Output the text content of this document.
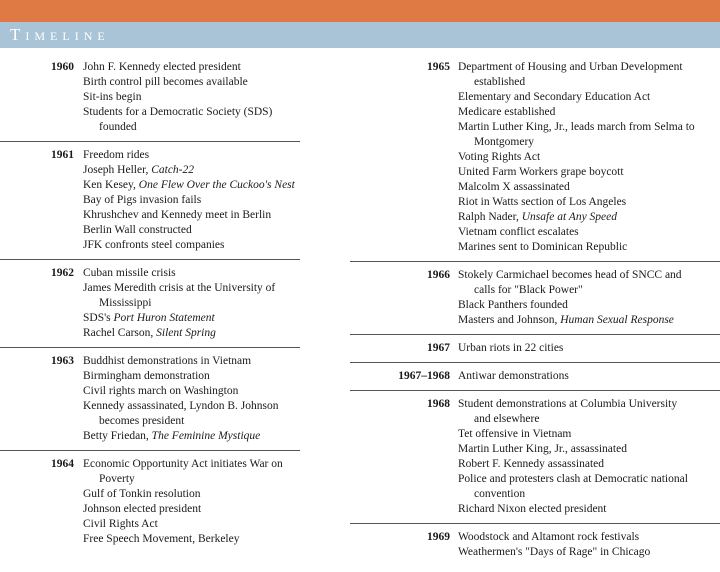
Timeline
1960 John F. Kennedy elected president
Birth control pill becomes available
Sit-ins begin
Students for a Democratic Society (SDS)
founded
1961 Freedom rides
Joseph Heller, Catch-22
Ken Kesey, One Flew Over the Cuckoo's Nest
Bay of Pigs invasion fails
Khrushchev and Kennedy meet in Berlin
Berlin Wall constructed
JFK confronts steel companies
1962 Cuban missile crisis
James Meredith crisis at the University of
Mississippi
SDS's Port Huron Statement
Rachel Carson, Silent Spring
1963 Buddhist demonstrations in Vietnam
Birmingham demonstration
Civil rights march on Washington
Kennedy assassinated, Lyndon B. Johnson
becomes president
Betty Friedan, The Feminine Mystique
1964 Economic Opportunity Act initiates War on
Poverty
Gulf of Tonkin resolution
Johnson elected president
Civil Rights Act
Free Speech Movement, Berkeley
1965 Department of Housing and Urban Development
established
Elementary and Secondary Education Act
Medicare established
Martin Luther King, Jr., leads march from Selma to
Montgomery
Voting Rights Act
United Farm Workers grape boycott
Malcolm X assassinated
Riot in Watts section of Los Angeles
Ralph Nader, Unsafe at Any Speed
Vietnam conflict escalates
Marines sent to Dominican Republic
1966 Stokely Carmichael becomes head of SNCC and
calls for "Black Power"
Black Panthers founded
Masters and Johnson, Human Sexual Response
1967 Urban riots in 22 cities
1967–1968 Antiwar demonstrations
1968 Student demonstrations at Columbia University
and elsewhere
Tet offensive in Vietnam
Martin Luther King, Jr., assassinated
Robert F. Kennedy assassinated
Police and protesters clash at Democratic national
convention
Richard Nixon elected president
1969 Woodstock and Altamont rock festivals
Weathermen's "Days of Rage" in Chicago
